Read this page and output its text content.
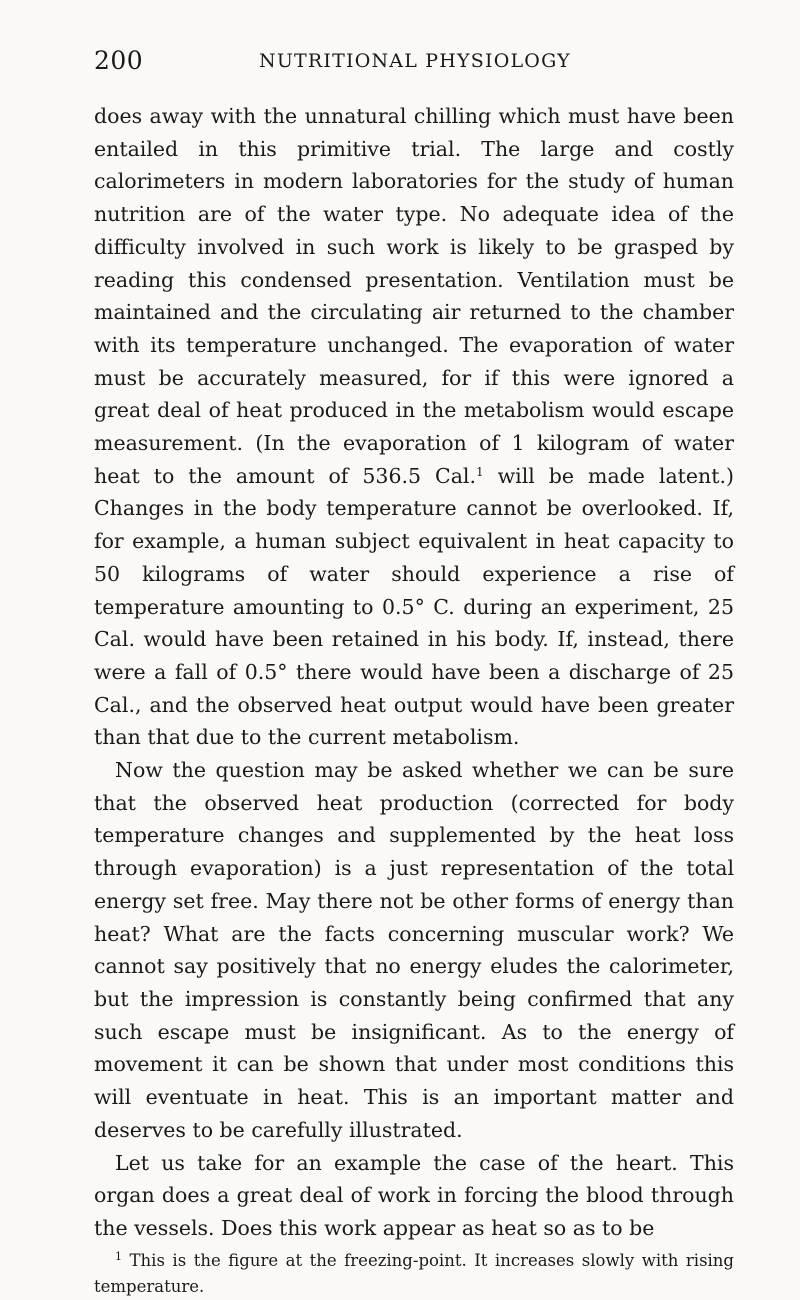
200	NUTRITIONAL PHYSIOLOGY

does away with the unnatural chilling which must have been entailed in this primitive trial. The large and costly calorimeters in modern laboratories for the study of human nutrition are of the water type. No adequate idea of the difficulty involved in such work is likely to be grasped by reading this condensed presentation. Ventilation must be maintained and the circulating air returned to the chamber with its temperature unchanged. The evaporation of water must be accurately measured, for if this were ignored a great deal of heat produced in the metabolism would escape measurement. (In the evaporation of 1 kilogram of water heat to the amount of 536.5 Cal.$^1$ will be made latent.) Changes in the body temperature cannot be overlooked. If, for example, a human subject equivalent in heat capacity to 50 kilograms of water should experience a rise of temperature amounting to 0.5° C. during an experiment, 25 Cal. would have been retained in his body. If, instead, there were a fall of 0.5° there would have been a discharge of 25 Cal., and the observed heat output would have been greater than that due to the current metabolism.

Now the question may be asked whether we can be sure that the observed heat production (corrected for body temperature changes and supplemented by the heat loss through evaporation) is a just representation of the total energy set free. May there not be other forms of energy than heat? What are the facts concerning muscular work? We cannot say positively that no energy eludes the calorimeter, but the impression is constantly being confirmed that any such escape must be insignificant. As to the energy of movement it can be shown that under most conditions this will eventuate in heat. This is an important matter and deserves to be carefully illustrated.

Let us take for an example the case of the heart. This organ does a great deal of work in forcing the blood through the vessels. Does this work appear as heat so as to be

$^1$ This is the figure at the freezing-point. It increases slowly with rising temperature.
